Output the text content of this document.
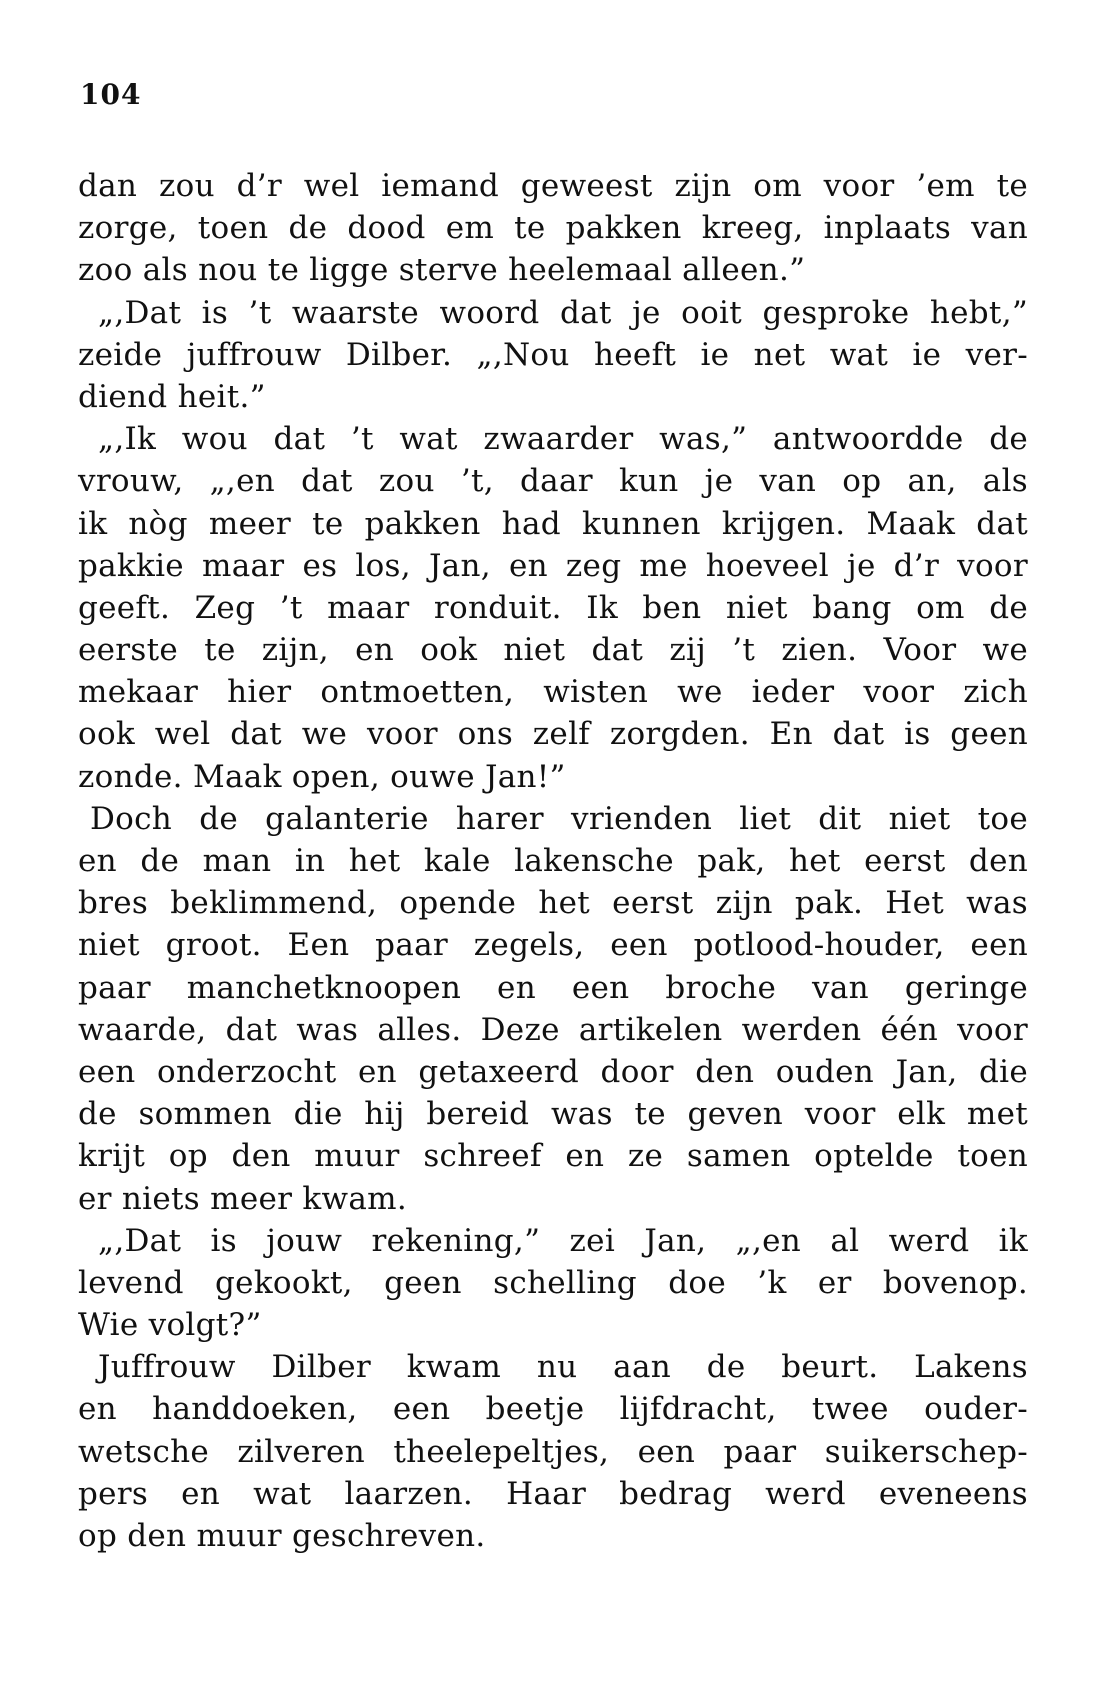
104
dan zou d’r wel iemand geweest zijn om voor ’em te
zorge, toen de dood em te pakken kreeg, inplaats van
zoo als nou te ligge sterve heelemaal alleen.”
„,Dat is ’t waarste woord dat je ooit gesproke hebt,”
zeide juffrouw Dilber. „,Nou heeft ie net wat ie ver-
diend heit.”
„,Ik wou dat ’t wat zwaarder was,” antwoordde de
vrouw, „,en dat zou ’t, daar kun je van op an, als
ik nòg meer te pakken had kunnen krijgen. Maak dat
pakkie maar es los, Jan, en zeg me hoeveel je d’r voor
geeft. Zeg ’t maar ronduit. Ik ben niet bang om de
eerste te zijn, en ook niet dat zij ’t zien. Voor we
mekaar hier ontmoetten, wisten we ieder voor zich
ook wel dat we voor ons zelf zorgden. En dat is geen
zonde. Maak open, ouwe Jan!”
Doch de galanterie harer vrienden liet dit niet toe
en de man in het kale lakensche pak, het eerst den
bres beklimmend, opende het eerst zijn pak. Het was
niet groot. Een paar zegels, een potlood-houder, een
paar manchetknoopen en een broche van geringe
waarde, dat was alles. Deze artikelen werden één voor
een onderzocht en getaxeerd door den ouden Jan, die
de sommen die hij bereid was te geven voor elk met
krijt op den muur schreef en ze samen optelde toen
er niets meer kwam.
„,Dat is jouw rekening,” zei Jan, „,en al werd ik
levend gekookt, geen schelling doe ’k er bovenop.
Wie volgt?”
Juffrouw Dilber kwam nu aan de beurt. Lakens
en handdoeken, een beetje lijfdracht, twee ouder-
wetsche zilveren theelepeltjes, een paar suikerschep-
pers en wat laarzen. Haar bedrag werd eveneens
op den muur geschreven.
